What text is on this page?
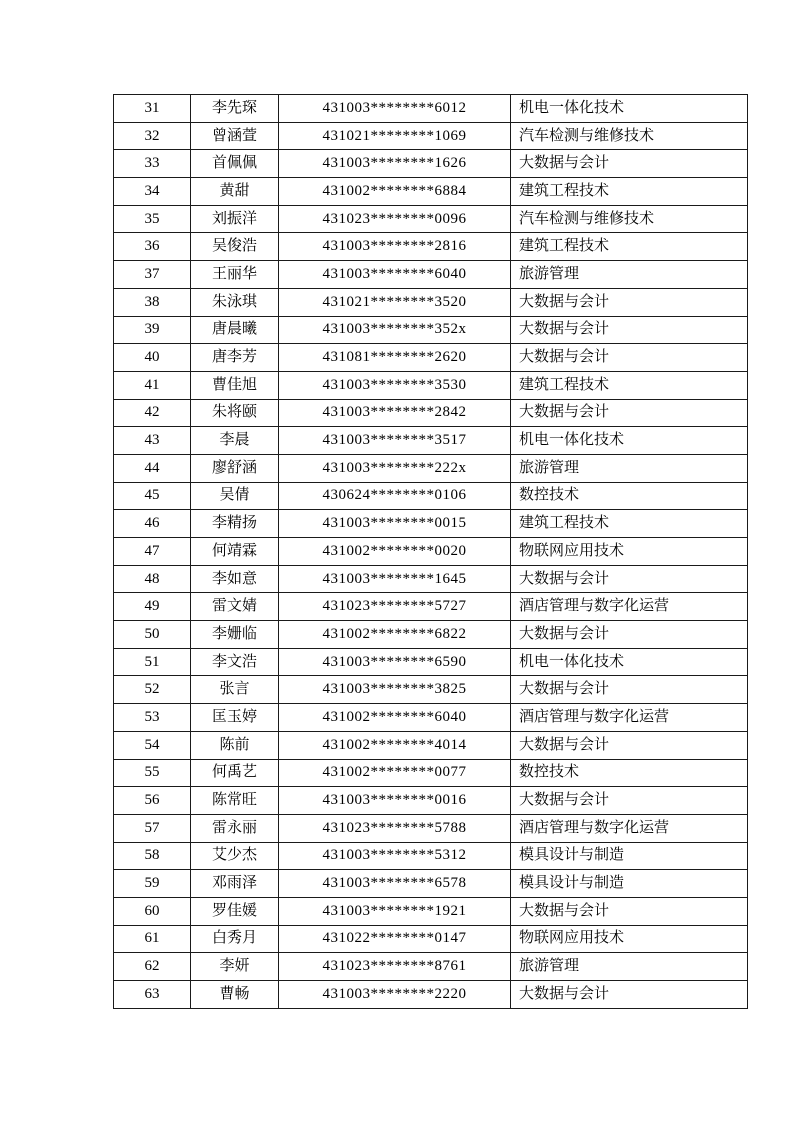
31	李先琛	431003********6012	机电一体化技术
32	曾涵萱	431021********1069	汽车检测与维修技术
33	首佩佩	431003********1626	大数据与会计
34	黄甜	431002********6884	建筑工程技术
35	刘振洋	431023********0096	汽车检测与维修技术
36	吴俊浩	431003********2816	建筑工程技术
37	王丽华	431003********6040	旅游管理
38	朱泳琪	431021********3520	大数据与会计
39	唐晨曦	431003********352x	大数据与会计
40	唐李芳	431081********2620	大数据与会计
41	曹佳旭	431003********3530	建筑工程技术
42	朱将颐	431003********2842	大数据与会计
43	李晨	431003********3517	机电一体化技术
44	廖舒涵	431003********222x	旅游管理
45	吴倩	430624********0106	数控技术
46	李精扬	431003********0015	建筑工程技术
47	何靖霖	431002********0020	物联网应用技术
48	李如意	431003********1645	大数据与会计
49	雷文婧	431023********5727	酒店管理与数字化运营
50	李姗临	431002********6822	大数据与会计
51	李文浩	431003********6590	机电一体化技术
52	张言	431003********3825	大数据与会计
53	匡玉婷	431002********6040	酒店管理与数字化运营
54	陈前	431002********4014	大数据与会计
55	何禹艺	431002********0077	数控技术
56	陈常旺	431003********0016	大数据与会计
57	雷永丽	431023********5788	酒店管理与数字化运营
58	艾少杰	431003********5312	模具设计与制造
59	邓雨泽	431003********6578	模具设计与制造
60	罗佳媛	431003********1921	大数据与会计
61	白秀月	431022********0147	物联网应用技术
62	李妍	431023********8761	旅游管理
63	曹畅	431003********2220	大数据与会计
